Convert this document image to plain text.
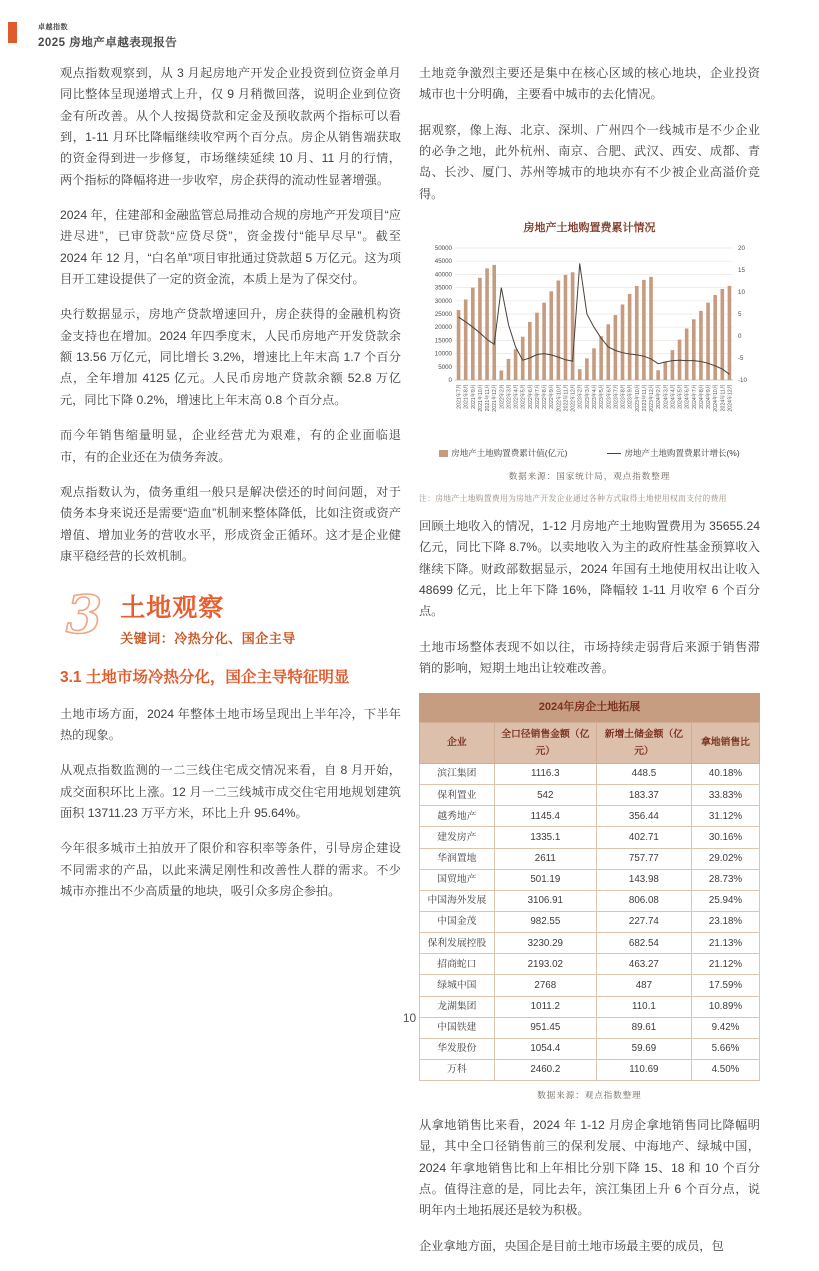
卓越指数
2025 房地产卓越表现报告

观点指数观察到，从 3 月起房地产开发企业投资到位资金单月同比整体呈现递增式上升，仅 9 月稍微回落，说明企业到位资金有所改善。从个人按揭贷款和定金及预收款两个指标可以看到，1-11 月环比降幅继续收窄两个百分点。房企从销售端获取的资金得到进一步修复，市场继续延续 10 月、11 月的行情，两个指标的降幅将进一步收窄，房企获得的流动性显著增强。

2024 年，住建部和金融监管总局推动合规的房地产开发项目“应进尽进”，已审贷款“应贷尽贷”，资金拨付“能早尽早”。截至 2024 年 12 月，“白名单”项目审批通过贷款超 5 万亿元。这为项目开工建设提供了一定的资金流，本质上是为了保交付。

央行数据显示，房地产贷款增速回升，房企获得的金融机构资金支持也在增加。2024 年四季度末，人民币房地产开发贷款余额 13.56 万亿元，同比增长 3.2%，增速比上年末高 1.7 个百分点，全年增加 4125 亿元。人民币房地产贷款余额 52.8 万亿元，同比下降 0.2%，增速比上年末高 0.8 个百分点。

而今年销售缩量明显，企业经营尤为艰难，有的企业面临退市，有的企业还在为债务奔波。

观点指数认为，债务重组一般只是解决偿还的时间问题，对于债务本身来说还是需要“造血”机制来整体降低，比如注资或资产增值、增加业务的营收水平，形成资金正循环。这才是企业健康平稳经营的长效机制。

3 土地观察
关键词：冷热分化、国企主导
3.1 土地市场冷热分化，国企主导特征明显

土地市场方面，2024 年整体土地市场呈现出上半年冷，下半年热的现象。

从观点指数监测的一二三线住宅成交情况来看，自 8 月开始，成交面积环比上涨。12 月一二三线城市成交住宅用地规划建筑面积 13711.23 万平方米，环比上升 95.64%。

今年很多城市土拍放开了限价和容积率等条件，引导房企建设不同需求的产品，以此来满足刚性和改善性人群的需求。不少城市亦推出不少高质量的地块，吸引众多房企参拍。

土地竞争激烈主要还是集中在核心区域的核心地块，企业投资城市也十分明确，主要看中城市的去化情况。

据观察，像上海、北京、深圳、广州四个一线城市是不少企业的必争之地，此外杭州、南京、合肥、武汉、西安、成都、青岛、长沙、厦门、苏州等城市的地块亦有不少被企业高溢价竞得。

房地产土地购置费累计情况
0
5000
10000
15000
20000
25000
30000
35000
40000
45000
50000
-10
-5
0
5
10
15
20
2021年7月 2021年8月 2021年9月 2021年10月 2021年11月 2021年12月 2022年2月 2022年3月 2022年4月 2022年5月 2022年6月 2022年7月 2022年8月 2022年9月 2022年10月 2022年11月 2022年12月 2023年2月 2023年3月 2023年4月 2023年5月 2023年6月 2023年7月 2023年8月 2023年9月 2023年10月 2023年11月 2023年12月 2024年2月 2024年3月 2024年4月 2024年5月 2024年6月 2024年7月 2024年8月 2024年9月 2024年10月 2024年11月 2024年12月
房地产土地购置费累计值(亿元)	房地产土地购置费累计增长(%)
数据来源：国家统计局，观点指数整理
注：房地产土地购置费用为房地产开发企业通过各种方式取得土地使用权而支付的费用

回顾土地收入的情况，1-12 月房地产土地购置费用为 35655.24 亿元，同比下降 8.7%。以卖地收入为主的政府性基金预算收入继续下降。财政部数据显示，2024 年国有土地使用权出让收入 48699 亿元，比上年下降 16%，降幅较 1-11 月收窄 6 个百分点。

土地市场整体表现不如以往，市场持续走弱背后来源于销售滞销的影响，短期土地出让较难改善。

2024年房企土地拓展
企业	全口径销售金额（亿元）	新增土储金额（亿元）	拿地销售比
滨江集团	1116.3	448.5	40.18%
保利置业	542	183.37	33.83%
越秀地产	1145.4	356.44	31.12%
建发房产	1335.1	402.71	30.16%
华润置地	2611	757.77	29.02%
国贸地产	501.19	143.98	28.73%
中国海外发展	3106.91	806.08	25.94%
中国金茂	982.55	227.74	23.18%
保利发展控股	3230.29	682.54	21.13%
招商蛇口	2193.02	463.27	21.12%
绿城中国	2768	487	17.59%
龙湖集团	1011.2	110.1	10.89%
中国铁建	951.45	89.61	9.42%
华发股份	1054.4	59.69	5.66%
万科	2460.2	110.69	4.50%
数据来源：观点指数整理

从拿地销售比来看，2024 年 1-12 月房企拿地销售同比降幅明显，其中全口径销售前三的保利发展、中海地产、绿城中国，2024 年拿地销售比和上年相比分别下降 15、18 和 10 个百分点。值得注意的是，同比去年，滨江集团上升 6 个百分点，说明年内土地拓展还是较为积极。

企业拿地方面，央国企是目前土地市场最主要的成员，包

10
